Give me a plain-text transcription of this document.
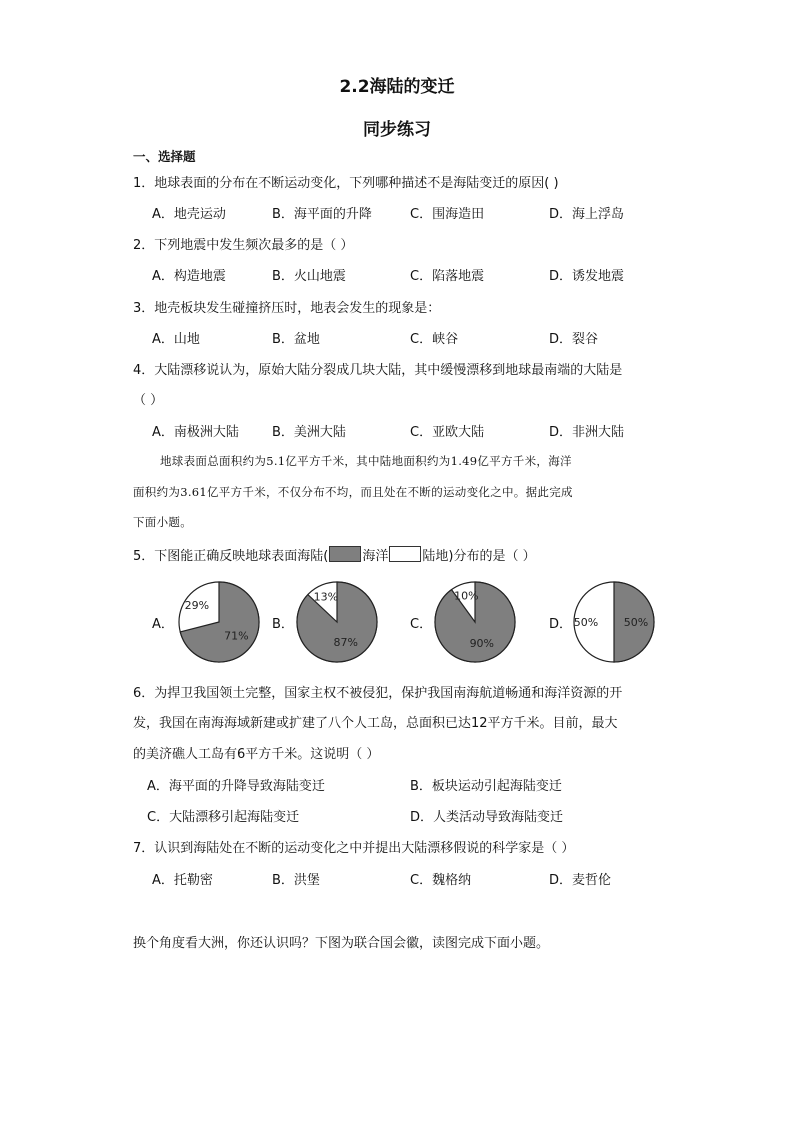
2.2海陆的变迁
同步练习
一、选择题
1．地球表面的分布在不断运动变化，下列哪种描述不是海陆变迁的原因( )
A．地壳运动	B．海平面的升降	C．围海造田	D．海上浮岛
2．下列地震中发生频次最多的是（ ）
A．构造地震	B．火山地震	C．陷落地震	D．诱发地震
3．地壳板块发生碰撞挤压时，地表会发生的现象是：
A．山地	B．盆地	C．峡谷	D．裂谷
4．大陆漂移说认为，原始大陆分裂成几块大陆，其中缓慢漂移到地球最南端的大陆是
（ ）
A．南极洲大陆	B．美洲大陆	C．亚欧大陆	D．非洲大陆
地球表面总面积约为5.1亿平方千米，其中陆地面积约为1.49亿平方千米，海洋
面积约为3.61亿平方千米，不仅分布不均，而且处在不断的运动变化之中。据此完成
下面小题。
5．下图能正确反映地球表面海陆(	海洋	陆地)分布的是（ ）
A．
71%
29%
B．
87%
13%
C．
90%
10%
D．	50%
50%
6．为捍卫我国领土完整，国家主权不被侵犯，保护我国南海航道畅通和海洋资源的开
发，我国在南海海域新建或扩建了八个人工岛，总面积已达12平方千米。目前，最大
的美济礁人工岛有6平方千米。这说明（ ）
A．海平面的升降导致海陆变迁	B．板块运动引起海陆变迁
C．大陆漂移引起海陆变迁	D．人类活动导致海陆变迁
7．认识到海陆处在不断的运动变化之中并提出大陆漂移假说的科学家是（ ）
A．托勒密	B．洪堡	C．魏格纳	D．麦哲伦
换个角度看大洲，你还认识吗？下图为联合国会徽，读图完成下面小题。
